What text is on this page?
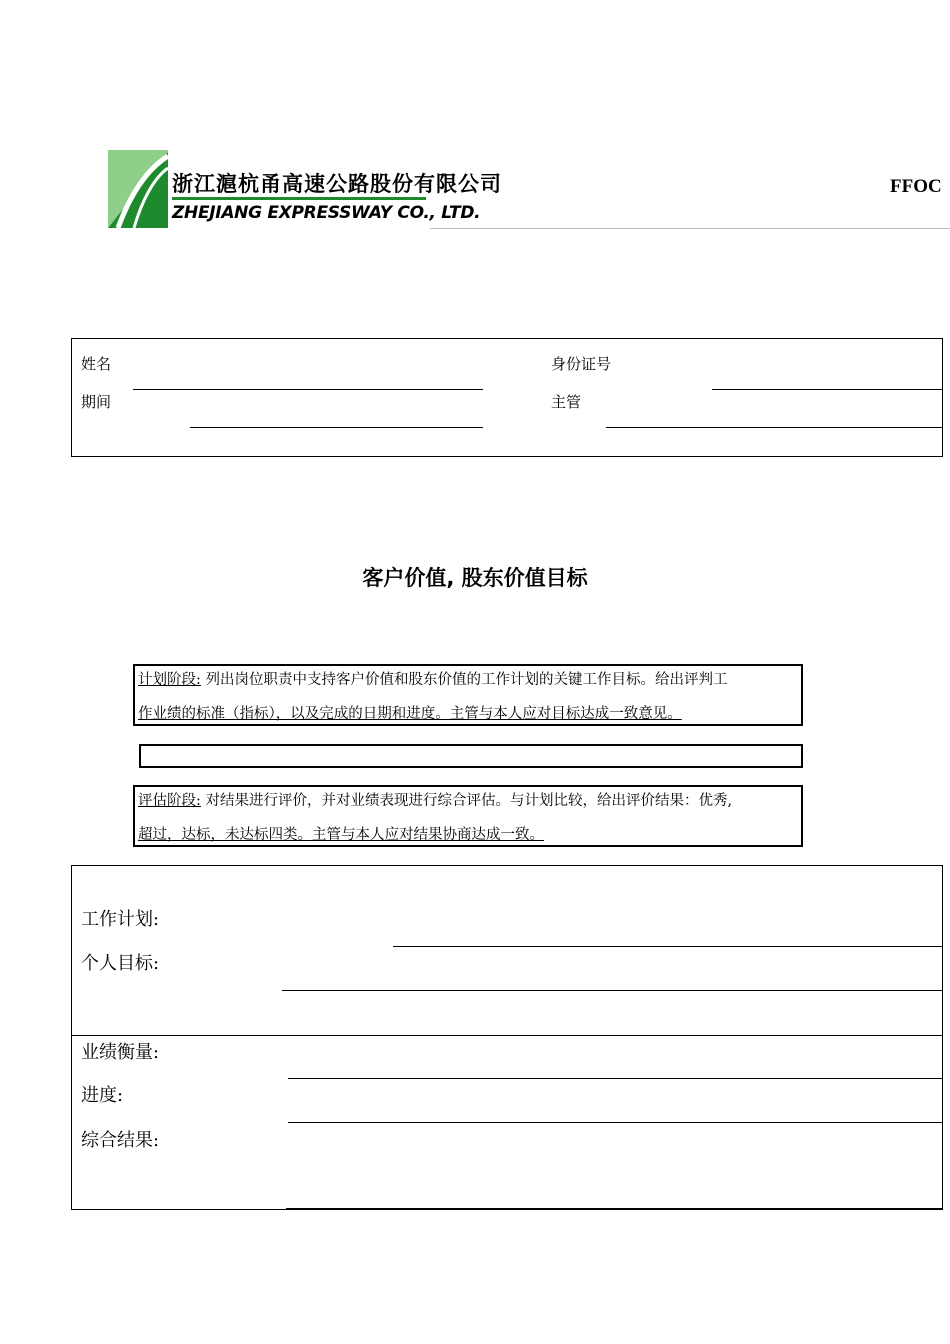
浙江滬杭甬高速公路股份有限公司
ZHEJIANG EXPRESSWAY CO., LTD.
FFOC
姓名	身份证号
期间	主管
客户价值, 股东价值目标
计划阶段: 列出岗位职责中支持客户价值和股东价值的工作计划的关键工作目标。给出评判工
作业绩的标准（指标），以及完成的日期和进度。主管与本人应对目标达成一致意见。
评估阶段: 对结果进行评价，并对业绩表现进行综合评估。与计划比较，给出评价结果：优秀,
超过，达标，未达标四类。主管与本人应对结果协商达成一致。
工作计划:
个人目标:
业绩衡量:
进度:
综合结果:
